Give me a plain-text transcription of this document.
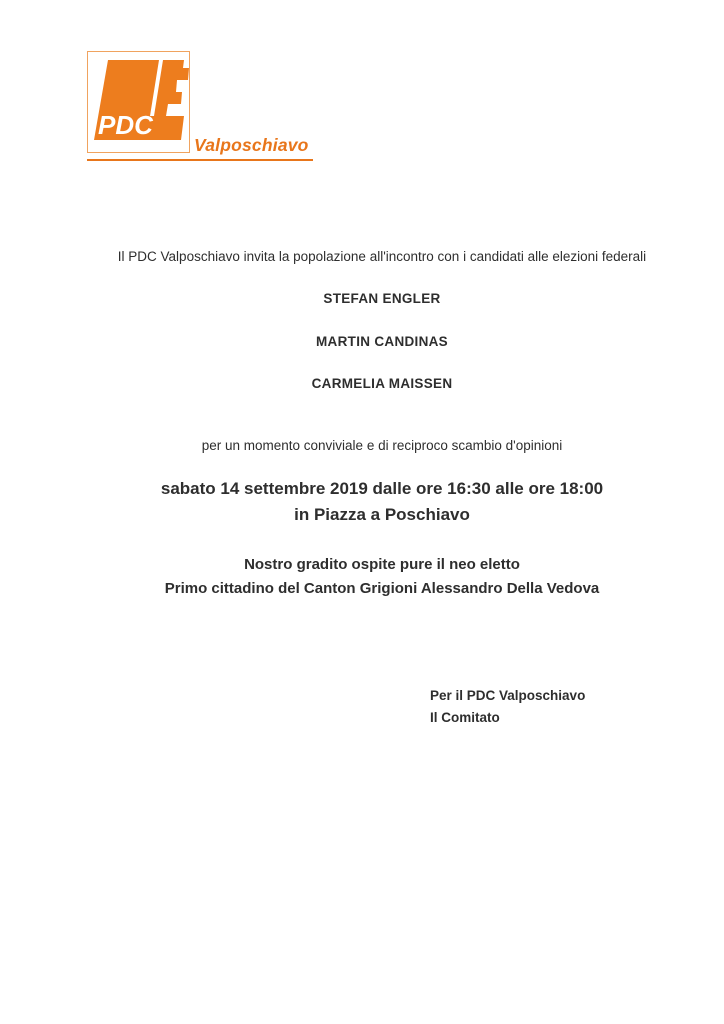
PDC
Valposchiavo
Il PDC Valposchiavo invita la popolazione all'incontro con i candidati alle elezioni federali
STEFAN ENGLER
MARTIN CANDINAS
CARMELIA MAISSEN
per un momento conviviale e di reciproco scambio d'opinioni
sabato 14 settembre 2019 dalle ore 16:30 alle ore 18:00
in Piazza a Poschiavo
Nostro gradito ospite pure il neo eletto
Primo cittadino del Canton Grigioni Alessandro Della Vedova
Per il PDC Valposchiavo
Il Comitato
